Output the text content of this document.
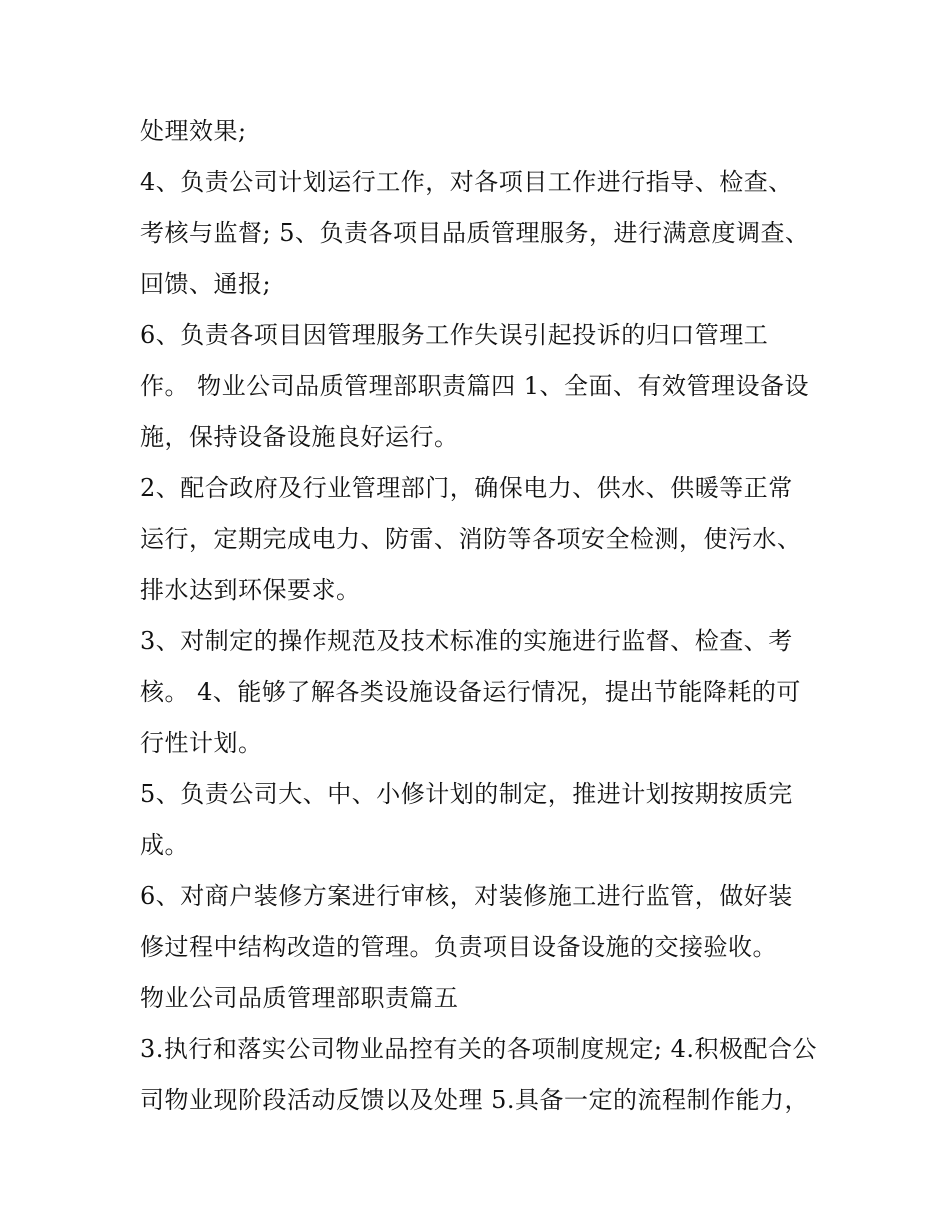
处理效果;
4、负责公司计划运行工作，对各项目工作进行指导、检查、
考核与监督; 5、负责各项目品质管理服务，进行满意度调查、
回馈、通报;
6、负责各项目因管理服务工作失误引起投诉的归口管理工
作。 物业公司品质管理部职责篇四 1、全面、有效管理设备设
施，保持设备设施良好运行。
2、配合政府及行业管理部门，确保电力、供水、供暖等正常
运行，定期完成电力、防雷、消防等各项安全检测，使污水、
排水达到环保要求。
3、对制定的操作规范及技术标准的实施进行监督、检查、考
核。 4、能够了解各类设施设备运行情况，提出节能降耗的可
行性计划。
5、负责公司大、中、小修计划的制定，推进计划按期按质完
成。
6、对商户装修方案进行审核，对装修施工进行监管，做好装
修过程中结构改造的管理。负责项目设备设施的交接验收。
物业公司品质管理部职责篇五
3.执行和落实公司物业品控有关的各项制度规定; 4.积极配合公
司物业现阶段活动反馈以及处理 5.具备一定的流程制作能力，
